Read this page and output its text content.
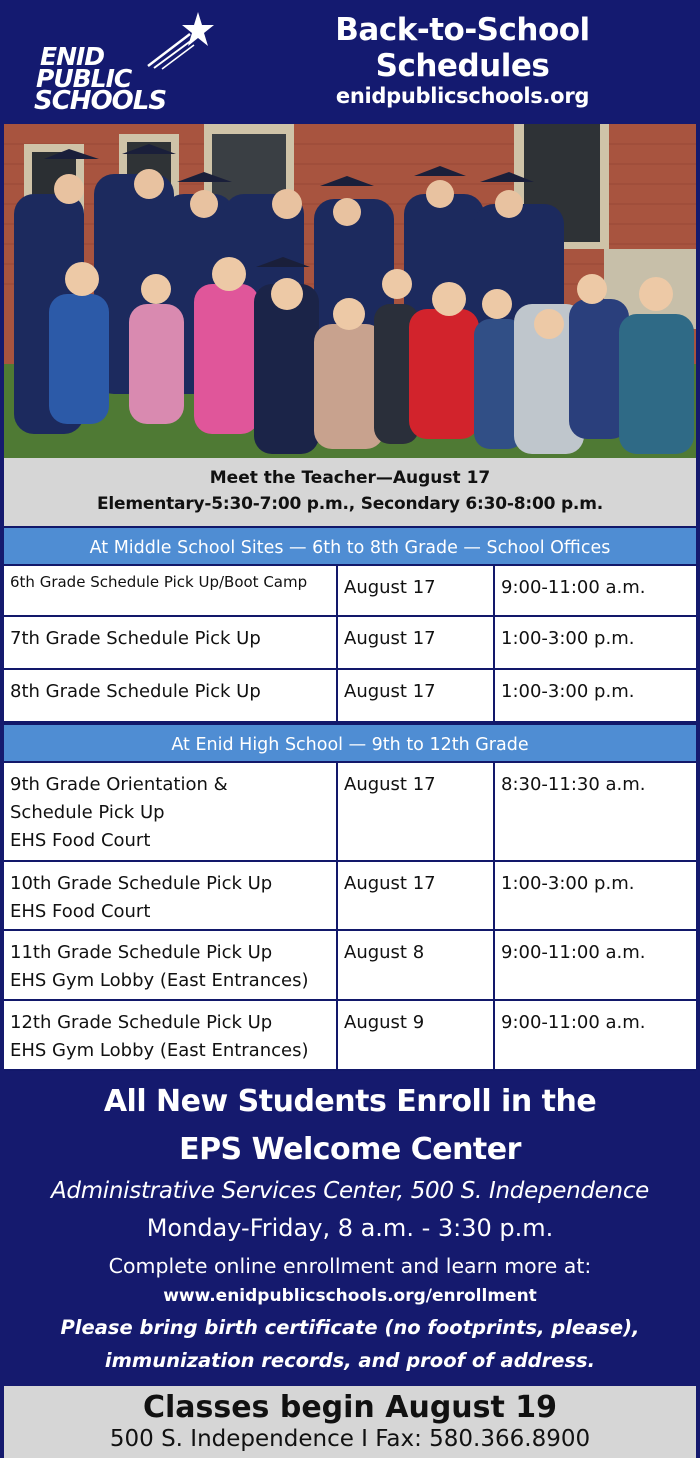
ENID
PUBLIC
SCHOOLS
Back-to-School
Schedules
enidpublicschools.org
Meet the Teacher—August 17
Elementary-5:30-7:00 p.m., Secondary 6:30-8:00 p.m.
At Middle School Sites — 6th to 8th Grade — School Offices
6th Grade Schedule Pick Up/Boot Camp	August 17	9:00-11:00 a.m.
7th Grade Schedule Pick Up	August 17	1:00-3:00 p.m.
8th Grade Schedule Pick Up	August 17	1:00-3:00 p.m.
At Enid High School — 9th to 12th Grade
9th Grade Orientation &
Schedule Pick Up
EHS Food Court
August 17	8:30-11:30 a.m.
10th Grade Schedule Pick Up
EHS Food Court
August 17	1:00-3:00 p.m.
11th Grade Schedule Pick Up
EHS Gym Lobby (East Entrances)
August 8	9:00-11:00 a.m.
12th Grade Schedule Pick Up
EHS Gym Lobby (East Entrances)
August 9	9:00-11:00 a.m.
All New Students Enroll in the
EPS Welcome Center
Administrative Services Center, 500 S. Independence
Monday-Friday, 8 a.m. - 3:30 p.m.
Complete online enrollment and learn more at:
www.enidpublicschools.org/enrollment
Please bring birth certificate (no footprints, please),
immunization records, and proof of address.
Classes begin August 19
500 S. Independence I Fax: 580.366.8900
